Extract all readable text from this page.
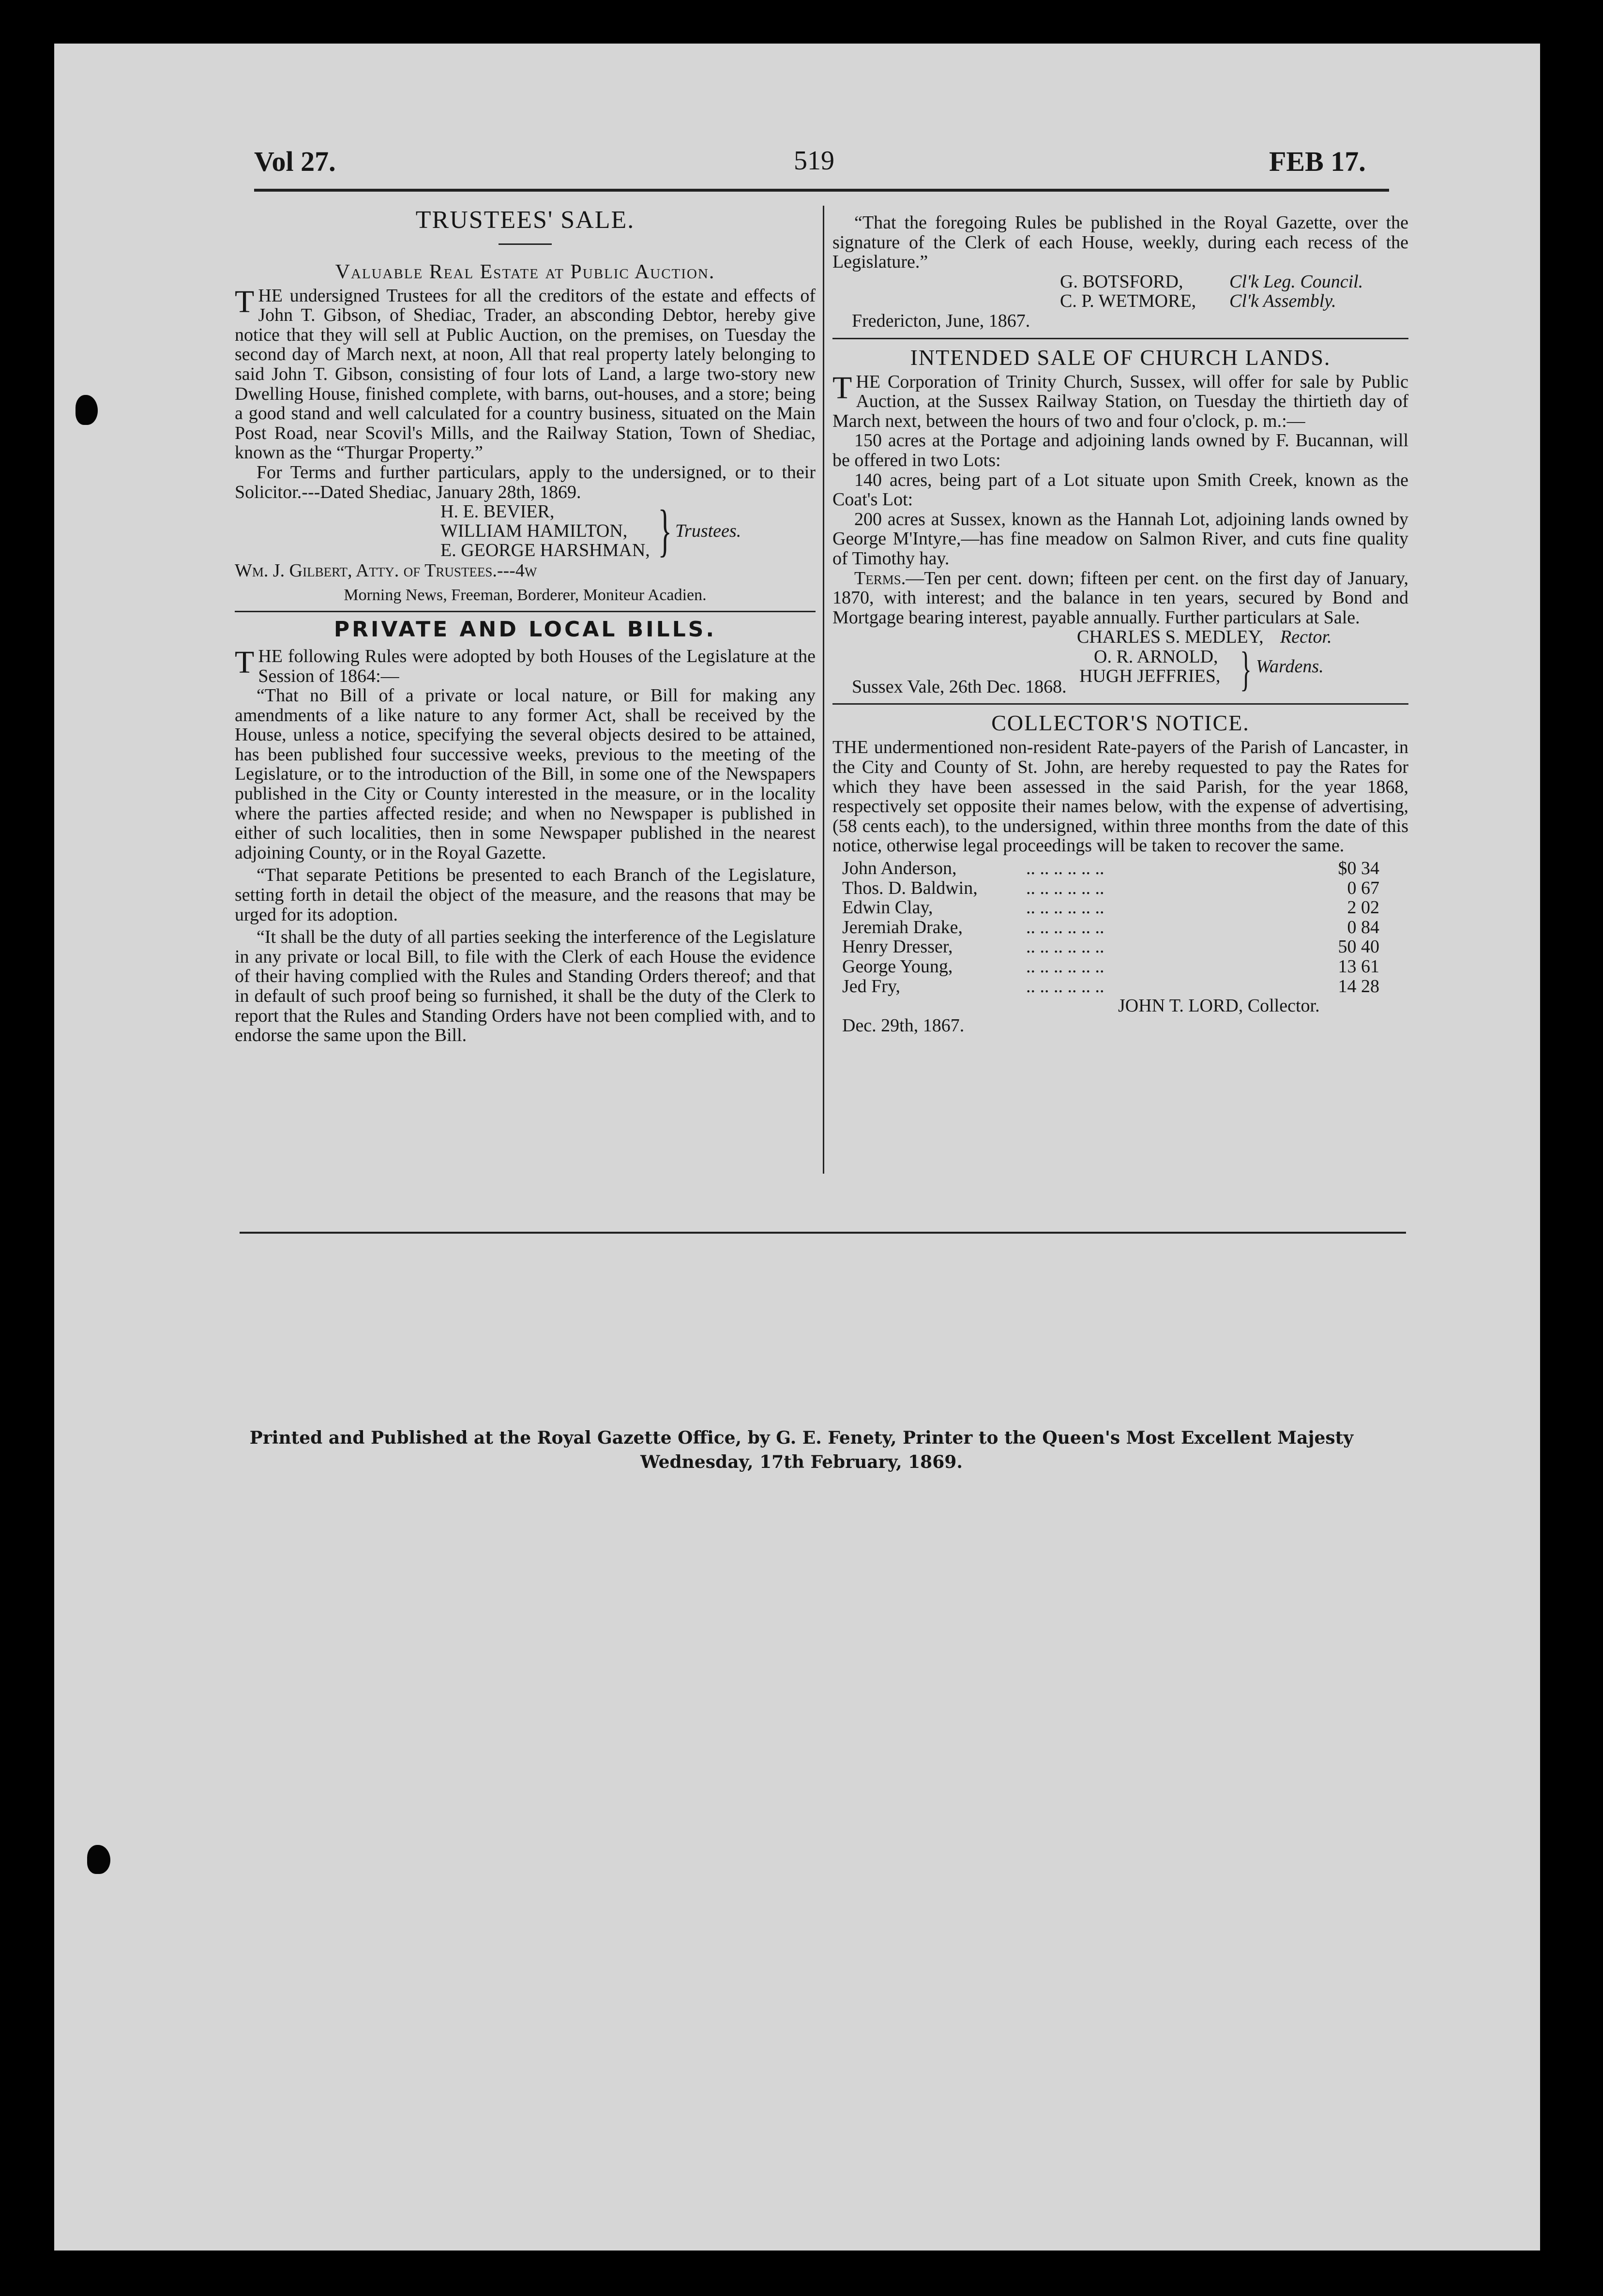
Vol 27.	519	FEB 17.
TRUSTEES' SALE.
Valuable Real Estate at Public Auction.

THE undersigned Trustees for all the creditors of the estate and effects of John T. Gibson, of Shediac, Trader, an absconding Debtor, hereby give notice that they will sell at Public Auction, on the premises, on Tuesday the second day of March next, at noon, All that real property lately belonging to said John T. Gibson, consisting of four lots of Land, a large two-story new Dwelling House, finished complete, with barns, out-houses, and a store; being a good stand and well calculated for a country business, situated on the Main Post Road, near Scovil's Mills, and the Railway Station, Town of Shediac, known as the “Thurgar Property.”

For Terms and further particulars, apply to the undersigned, or to their Solicitor.---Dated Shediac, January 28th, 1869.

H. E. BEVIER,
WILLIAM HAMILTON,
E. GEORGE HARSHMAN, } Trustees.

Wm. J. Gilbert, Atty. of Trustees.---4w

Morning News, Freeman, Borderer, Moniteur Acadien.

PRIVATE AND LOCAL BILLS.

THE following Rules were adopted by both Houses of the Legislature at the Session of 1864:—

“That no Bill of a private or local nature, or Bill for making any amendments of a like nature to any former Act, shall be received by the House, unless a notice, specifying the several objects desired to be attained, has been published four successive weeks, previous to the meeting of the Legislature, or to the introduction of the Bill, in some one of the Newspapers published in the City or County interested in the measure, or in the locality where the parties affected reside; and when no Newspaper is published in either of such localities, then in some Newspaper published in the nearest adjoining County, or in the Royal Gazette.

“That separate Petitions be presented to each Branch of the Legislature, setting forth in detail the object of the measure, and the reasons that may be urged for its adoption.

“It shall be the duty of all parties seeking the interference of the Legislature in any private or local Bill, to file with the Clerk of each House the evidence of their having complied with the Rules and Standing Orders thereof; and that in default of such proof being so furnished, it shall be the duty of the Clerk to report that the Rules and Standing Orders have not been complied with, and to endorse the same upon the Bill.

“That the foregoing Rules be published in the Royal Gazette, over the signature of the Clerk of each House, weekly, during each recess of the Legislature.”

G. BOTSFORD,	Cl'k Leg. Council.
C. P. WETMORE, Cl'k Assembly.

Fredericton, June, 1867.

INTENDED SALE OF CHURCH LANDS.

THE Corporation of Trinity Church, Sussex, will offer for sale by Public Auction, at the Sussex Railway Station, on Tuesday the thirtieth day of March next, between the hours of two and four o'clock, p. m.:—

150 acres at the Portage and adjoining lands owned by F. Bucannan, will be offered in two Lots:

140 acres, being part of a Lot situate upon Smith Creek, known as the Coat's Lot:

200 acres at Sussex, known as the Hannah Lot, adjoining lands owned by George M'Intyre,—has fine meadow on Salmon River, and cuts fine quality of Timothy hay.

Terms.—Ten per cent. down; fifteen per cent. on the first day of January, 1870, with interest; and the balance in ten years, secured by Bond and Mortgage bearing interest, payable annually. Further particulars at Sale.

CHARLES S. MEDLEY, Rector.
O. R. ARNOLD,
HUGH JEFFRIES, } Wardens.

Sussex Vale, 26th Dec. 1868.

COLLECTOR'S NOTICE.

THE undermentioned non-resident Rate-payers of the Parish of Lancaster, in the City and County of St. John, are hereby requested to pay the Rates for which they have been assessed in the said Parish, for the year 1868, respectively set opposite their names below, with the expense of advertising, (58 cents each), to the undersigned, within three months from the date of this notice, otherwise legal proceedings will be taken to recover the same.

John Anderson,	.. .. .. .. .. ..	$0 34
Thos. D. Baldwin,	.. .. .. .. .. ..	0 67
Edwin Clay,	.. .. .. .. .. ..	2 02
Jeremiah Drake,	.. .. .. .. .. ..	0 84
Henry Dresser,	.. .. .. .. .. ..	50 40
George Young,	.. .. .. .. .. ..	13 61
Jed Fry,	.. .. .. .. .. ..	14 28
JOHN T. LORD, Collector.

Dec. 29th, 1867.

Printed and Published at the Royal Gazette Office, by G. E. Fenety, Printer to the Queen's Most Excellent Majesty
Wednesday, 17th February, 1869.
